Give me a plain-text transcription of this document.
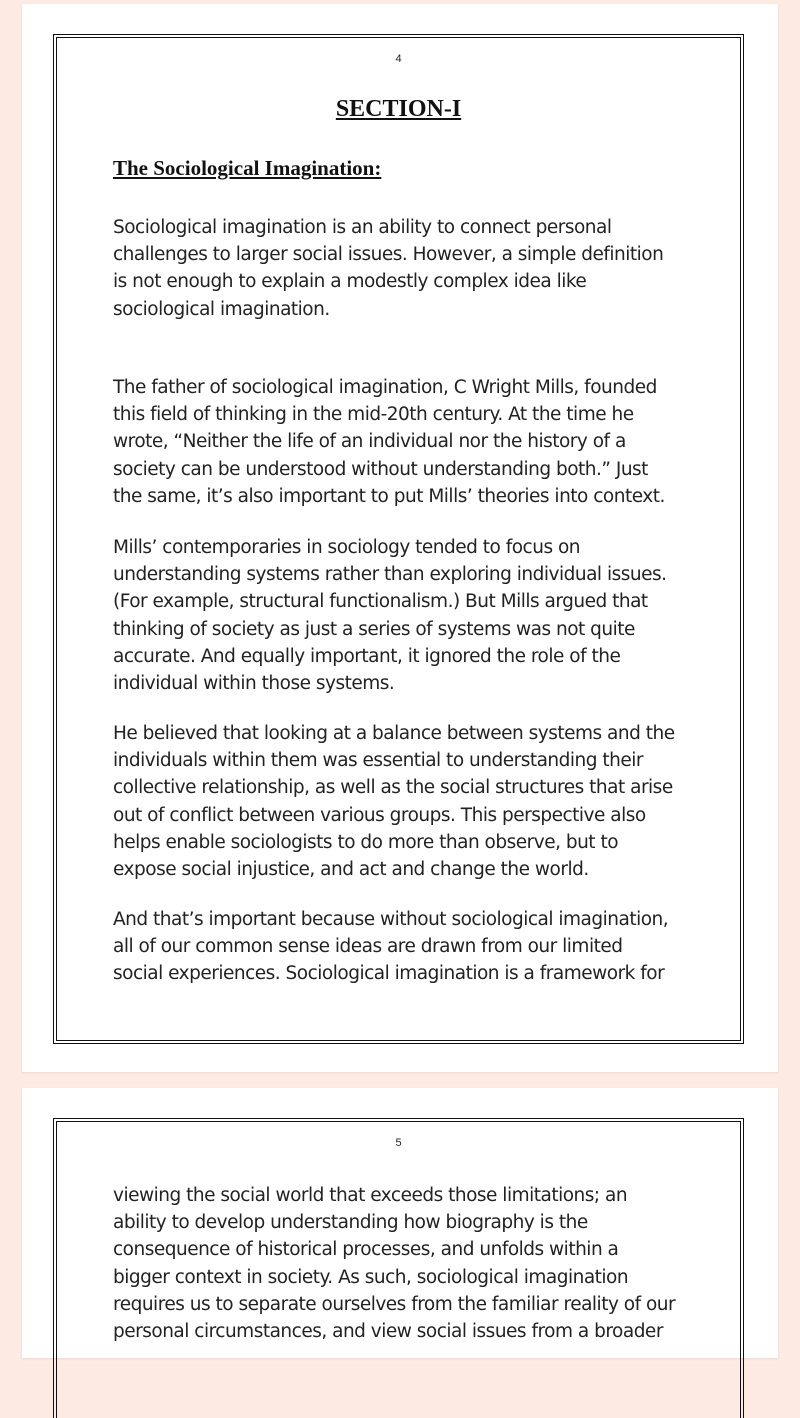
4
SECTION-I
The Sociological Imagination:

Sociological imagination is an ability to connect personal
challenges to larger social issues. However, a simple definition
is not enough to explain a modestly complex idea like
sociological imagination.

The father of sociological imagination, C Wright Mills, founded
this field of thinking in the mid-20th century. At the time he
wrote, “Neither the life of an individual nor the history of a
society can be understood without understanding both.” Just
the same, it’s also important to put Mills’ theories into context.

Mills’ contemporaries in sociology tended to focus on
understanding systems rather than exploring individual issues.
(For example, structural functionalism.) But Mills argued that
thinking of society as just a series of systems was not quite
accurate. And equally important, it ignored the role of the
individual within those systems.

He believed that looking at a balance between systems and the
individuals within them was essential to understanding their
collective relationship, as well as the social structures that arise
out of conflict between various groups. This perspective also
helps enable sociologists to do more than observe, but to
expose social injustice, and act and change the world.

And that’s important because without sociological imagination,
all of our common sense ideas are drawn from our limited
social experiences. Sociological imagination is a framework for

5

viewing the social world that exceeds those limitations; an
ability to develop understanding how biography is the
consequence of historical processes, and unfolds within a
bigger context in society. As such, sociological imagination
requires us to separate ourselves from the familiar reality of our
personal circumstances, and view social issues from a broader
